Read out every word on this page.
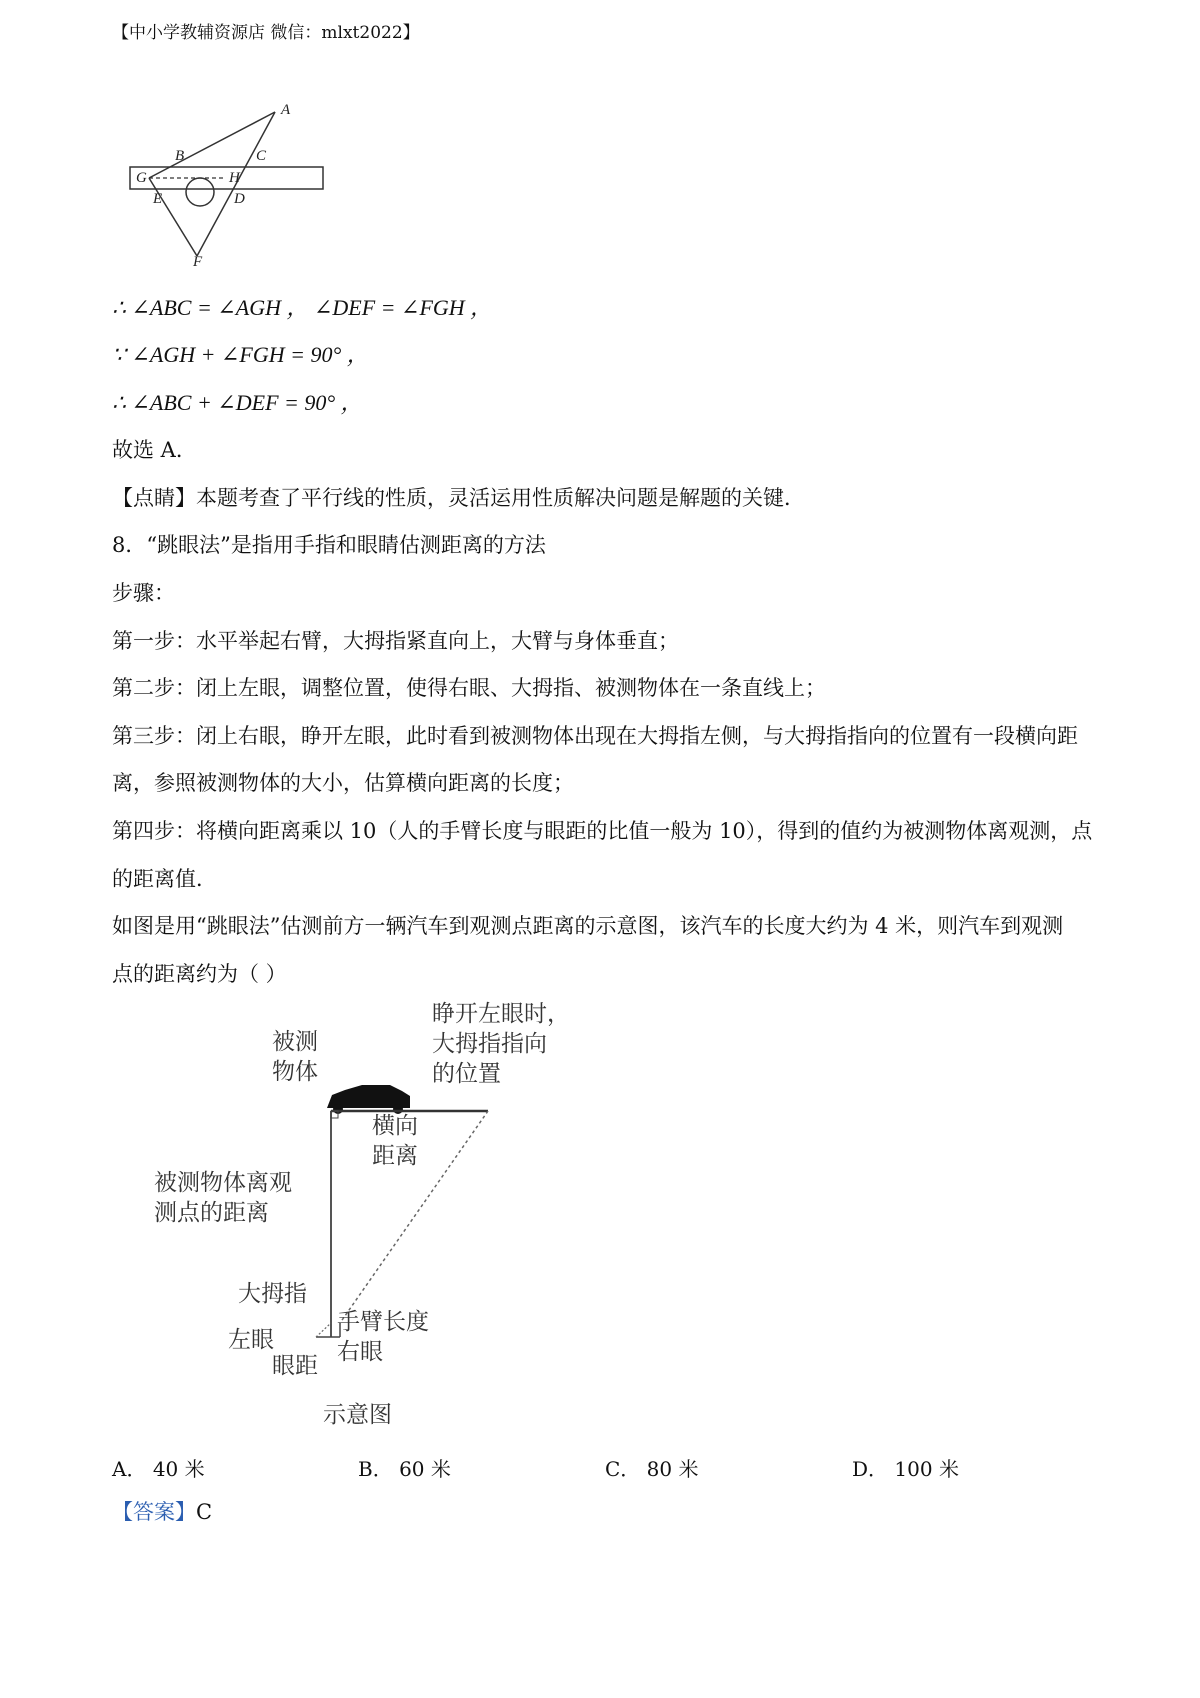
【中小学教辅资源店 微信：mlxt2022】
A
B	C
G	H
E	D
F
∴ ∠ABC = ∠AGH ， ∠DEF = ∠FGH ，
∵ ∠AGH + ∠FGH = 90° ，
∴ ∠ABC + ∠DEF = 90° ，
故选 A．
【点睛】本题考查了平行线的性质，灵活运用性质解决问题是解题的关键．
8．“跳眼法”是指用手指和眼睛估测距离的方法
步骤：
第一步：水平举起右臂，大拇指紧直向上，大臂与身体垂直；
第二步：闭上左眼，调整位置，使得右眼、大拇指、被测物体在一条直线上；
第三步：闭上右眼，睁开左眼，此时看到被测物体出现在大拇指左侧，与大拇指指向的位置有一段横向距
离，参照被测物体的大小，估算横向距离的长度；
第四步：将横向距离乘以 10（人的手臂长度与眼距的比值一般为 10），得到的值约为被测物体离观测，点
的距离值．
如图是用“跳眼法”估测前方一辆汽车到观测点距离的示意图，该汽车的长度大约为 4 米，则汽车到观测
点的距离约为（ ）
被测
物体
睁开左眼时，
大拇指指向
的位置
横向
距离
被测物体离观
测点的距离
大拇指
手臂长度
左眼	右眼
眼距
示意图
A． 40 米	B． 60 米	C． 80 米	D． 100 米
【答案】C
